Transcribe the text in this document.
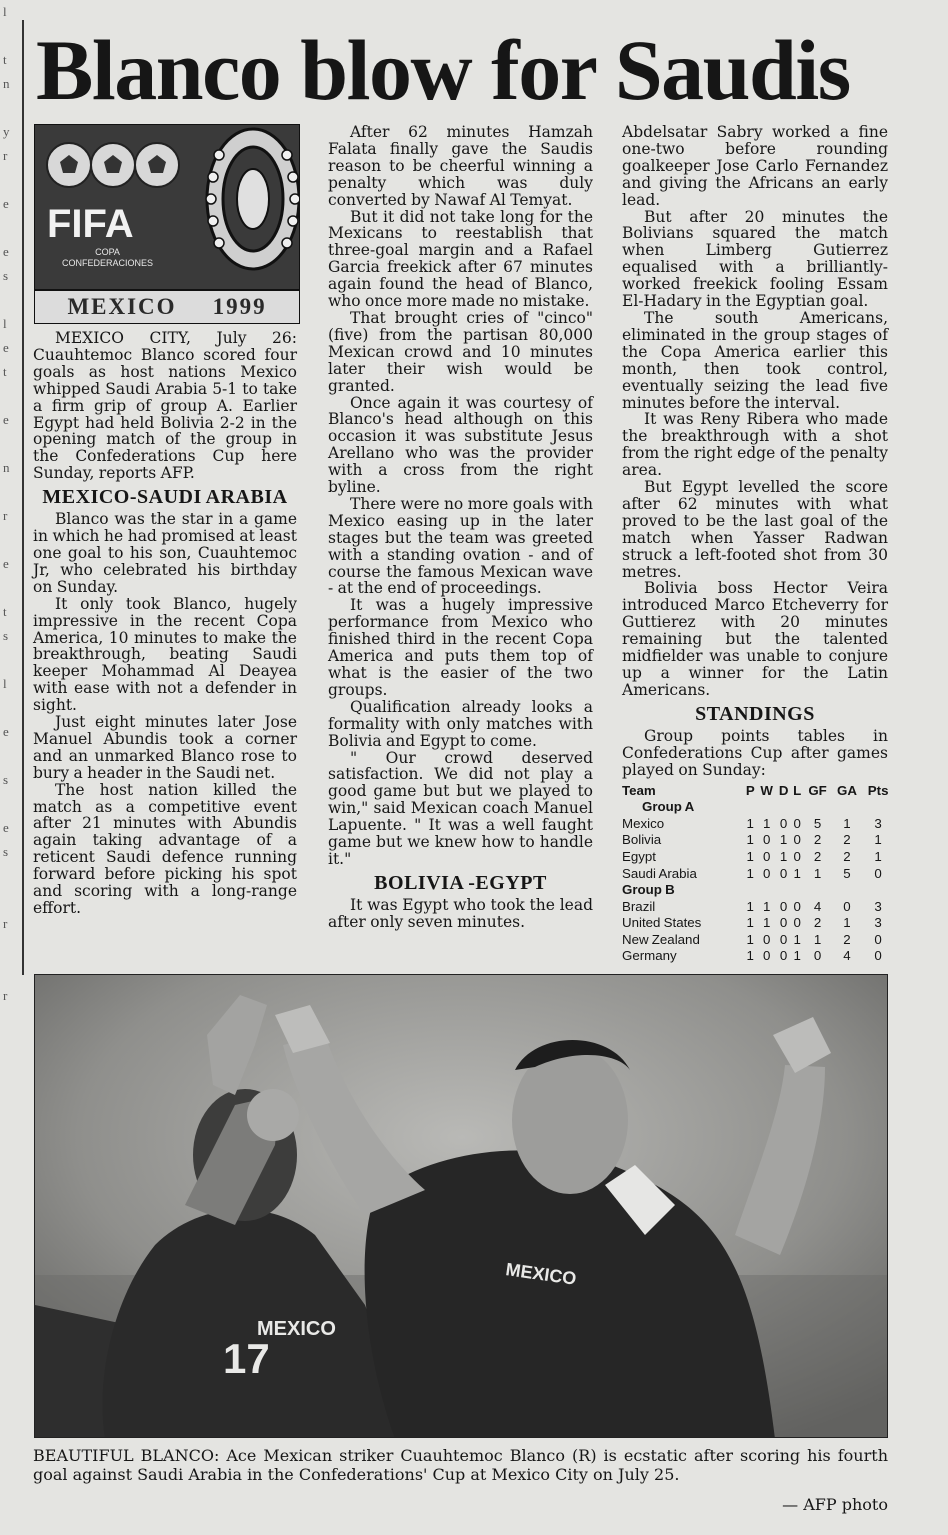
l
t
n
y
r
e
e
s
l
e
t
e
n
r
e
t
s
l
e
s
e
s
r
r
Blanco blow for Saudis
FIFA
COPA
CONFEDERACIONES
MEXICO 1999

MEXICO CITY, July 26: Cuauhtemoc Blanco scored four goals as host nations Mexico whipped Saudi Arabia 5-1 to take a firm grip of group A. Earlier Egypt had held Bolivia 2-2 in the opening match of the group in the Confederations Cup here Sunday, reports AFP.

MEXICO-SAUDI ARABIA

Blanco was the star in a game in which he had promised at least one goal to his son, Cuauhtemoc Jr, who celebrated his birthday on Sunday.

It only took Blanco, hugely impressive in the recent Copa America, 10 minutes to make the breakthrough, beating Saudi keeper Mohammad Al Deayea with ease with not a defender in sight.

Just eight minutes later Jose Manuel Abundis took a corner and an unmarked Blanco rose to bury a header in the Saudi net.

The host nation killed the match as a competitive event after 21 minutes with Abundis again taking advantage of a reticent Saudi defence running forward before picking his spot and scoring with a long-range effort.

After 62 minutes Hamzah Falata finally gave the Saudis reason to be cheerful winning a penalty which was duly converted by Nawaf Al Temyat.

But it did not take long for the Mexicans to reestablish that three-goal margin and a Rafael Garcia freekick after 67 minutes again found the head of Blanco, who once more made no mistake.

That brought cries of "cinco" (five) from the partisan 80,000 Mexican crowd and 10 minutes later their wish would be granted.

Once again it was courtesy of Blanco's head although on this occasion it was substitute Jesus Arellano who was the provider with a cross from the right byline.

There were no more goals with Mexico easing up in the later stages but the team was greeted with a standing ovation - and of course the famous Mexican wave - at the end of proceedings.

It was a hugely impressive performance from Mexico who finished third in the recent Copa America and puts them top of what is the easier of the two groups.

Qualification already looks a formality with only matches with Bolivia and Egypt to come.

" Our crowd deserved satisfaction. We did not play a good game but but we played to win," said Mexican coach Manuel Lapuente. " It was a well faught game but we knew how to handle it."

BOLIVIA -EGYPT

It was Egypt who took the lead after only seven minutes.

Abdelsatar Sabry worked a fine one-two before rounding goalkeeper Jose Carlo Fernandez and giving the Africans an early lead.

But after 20 minutes the Bolivians squared the match when Limberg Gutierrez equalised with a brilliantly-worked freekick fooling Essam El-Hadary in the Egyptian goal.

The south Americans, eliminated in the group stages of the Copa America earlier this month, then took control, eventually seizing the lead five minutes before the interval.

It was Reny Ribera who made the breakthrough with a shot from the right edge of the penalty area.

But Egypt levelled the score after 62 minutes with what proved to be the last goal of the match when Yasser Radwan struck a left-footed shot from 30 metres.

Bolivia boss Hector Veira introduced Marco Etcheverry for Guttierez with 20 minutes remaining but the talented midfielder was unable to conjure up a winner for the Latin Americans.

STANDINGS

Group points tables in Confederations Cup after games played on Sunday:

Team	P	W	D	L	GF	GA	Pts
Group A							
Mexico	1	1	0	0	5	1	3
Bolivia	1	0	1	0	2	2	1
Egypt	1	0	1	0	2	2	1
Saudi Arabia	1	0	0	1	1	5	0
Group B							
Brazil	1	1	0	0	4	0	3
United States	1	1	0	0	2	1	3
New Zealand	1	0	0	1	1	2	0
Germany	1	0	0	1	0	4	0
MEXICO
17
MEXICO

BEAUTIFUL BLANCO: Ace Mexican striker Cuauhtemoc Blanco (R) is ecstatic after scoring his fourth goal against Saudi Arabia in the Confederations' Cup at Mexico City on July 25.

— AFP photo
